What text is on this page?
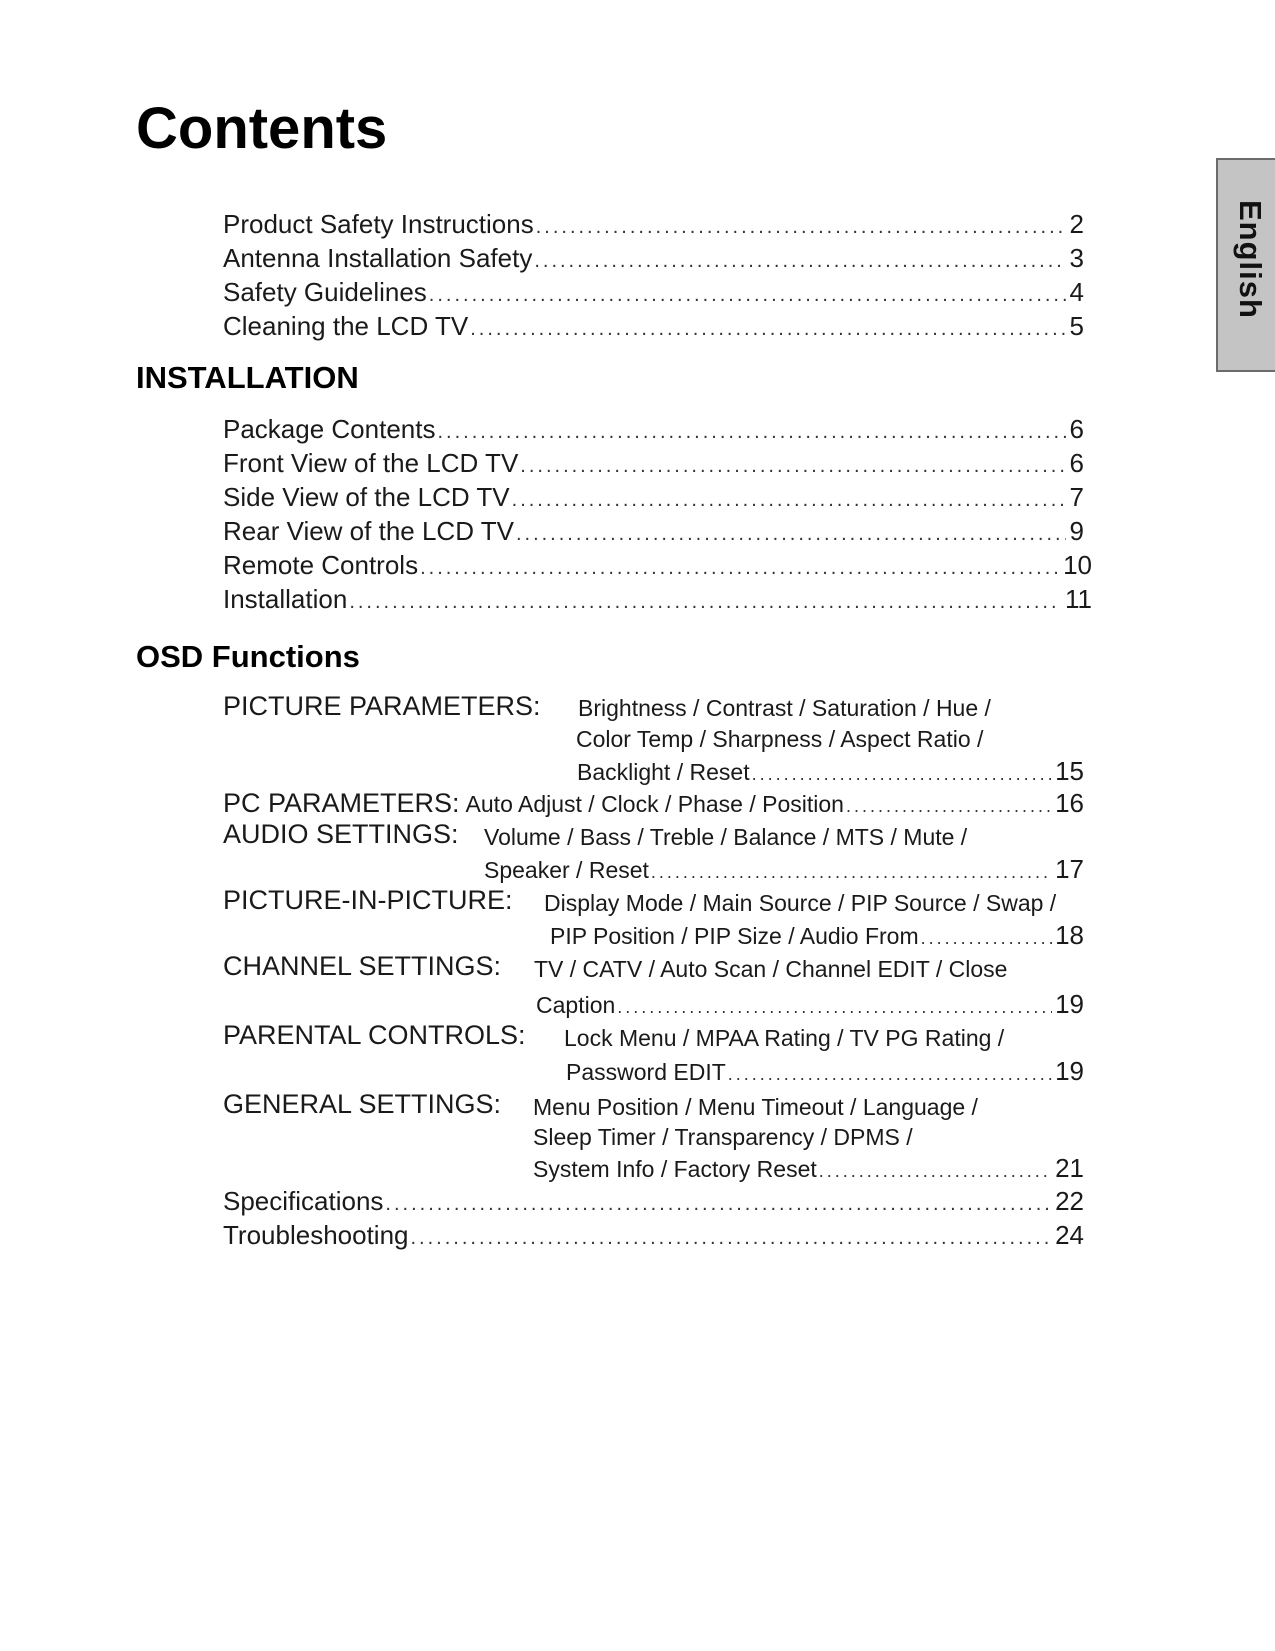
Contents
English
Product Safety Instructions .....	2
Antenna Installation Safety .....	3
Safety Guidelines .....	4
Cleaning the LCD TV .....	5
INSTALLATION
Package Contents .....	6
Front View of the LCD TV .....	6
Side View of the LCD TV .....	7
Rear View of the LCD TV .....	9
Remote Controls .....	10
Installation .....	11
OSD Functions
PICTURE PARAMETERS: Brightness / Contrast / Saturation / Hue /
Color Temp / Sharpness / Aspect Ratio /
Backlight / Reset .....	15
PC PARAMETERS: Auto Adjust / Clock / Phase / Position .....	16
AUDIO SETTINGS: Volume / Bass / Treble / Balance / MTS / Mute /
Speaker / Reset .....	17
PICTURE-IN-PICTURE: Display Mode / Main Source / PIP Source / Swap /
PIP Position / PIP Size / Audio From .....	18
CHANNEL SETTINGS: TV / CATV / Auto Scan / Channel EDIT / Close
Caption .....	19
PARENTAL CONTROLS: Lock Menu / MPAA Rating / TV PG Rating /
Password EDIT .....	19
GENERAL SETTINGS: Menu Position / Menu Timeout / Language /
Sleep Timer / Transparency / DPMS /
System Info / Factory Reset .....	21
Specifications .....	22
Troubleshooting .....	24
